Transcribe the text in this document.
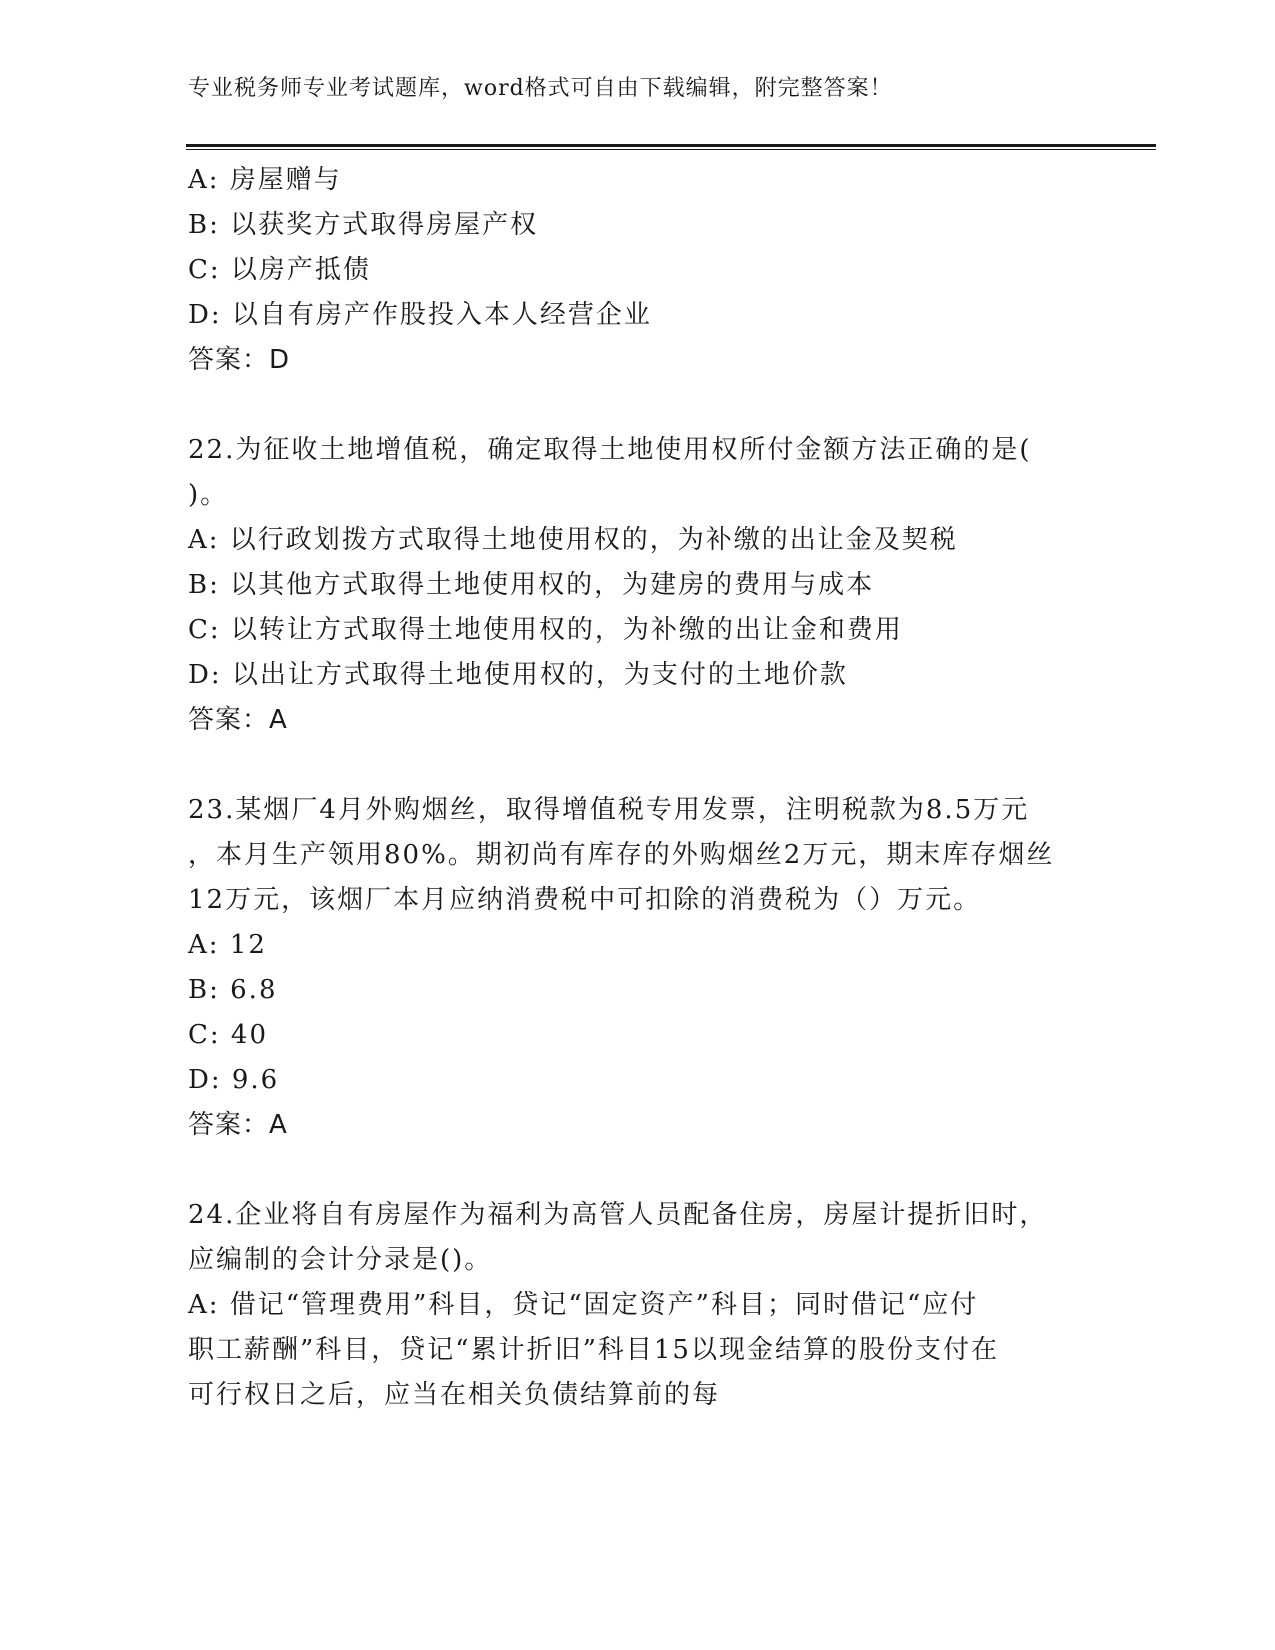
专业税务师专业考试题库，word格式可自由下载编辑，附完整答案！
A: 房屋赠与
B: 以获奖方式取得房屋产权
C: 以房产抵债
D: 以自有房产作股投入本人经营企业
答案：D
22.为征收土地增值税，确定取得土地使用权所付金额方法正确的是(
)。
A: 以行政划拨方式取得土地使用权的，为补缴的出让金及契税
B: 以其他方式取得土地使用权的，为建房的费用与成本
C: 以转让方式取得土地使用权的，为补缴的出让金和费用
D: 以出让方式取得土地使用权的，为支付的土地价款
答案：A
23.某烟厂4月外购烟丝，取得增值税专用发票，注明税款为8.5万元
，本月生产领用80%。期初尚有库存的外购烟丝2万元，期末库存烟丝
12万元，该烟厂本月应纳消费税中可扣除的消费税为（）万元。
A: 12
B: 6.8
C: 40
D: 9.6
答案：A
24.企业将自有房屋作为福利为高管人员配备住房，房屋计提折旧时，
应编制的会计分录是()。
A: 借记“管理费用”科目，贷记“固定资产”科目；同时借记“应付
职工薪酬”科目，贷记“累计折旧”科目15以现金结算的股份支付在
可行权日之后，应当在相关负债结算前的每
